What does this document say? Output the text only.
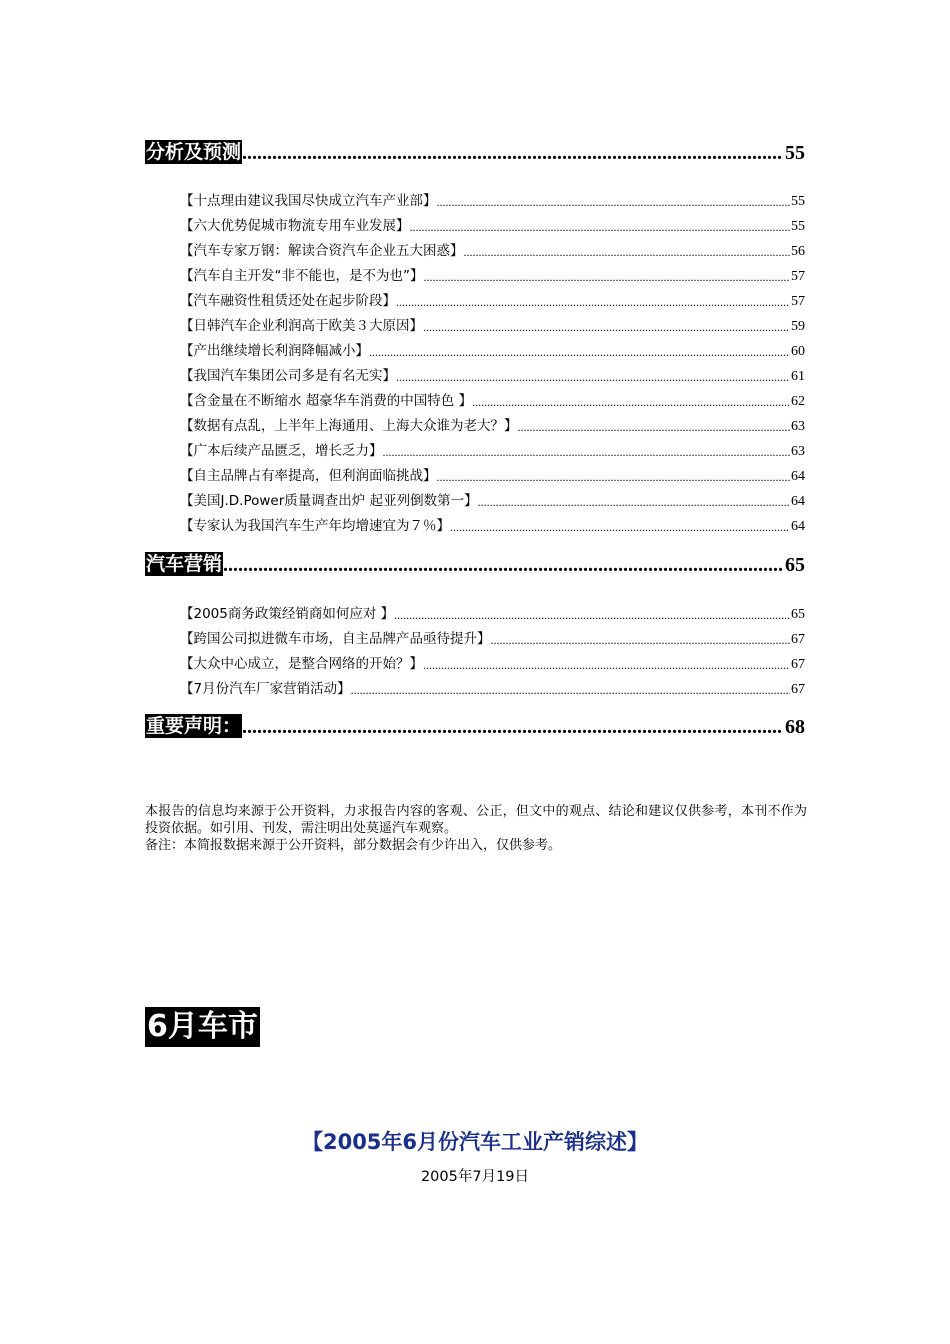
分析及预测 .....	55
【十点理由建议我国尽快成立汽车产业部】 .....	55
【六大优势促城市物流专用车业发展】 .....	55
【汽车专家万钢：解读合资汽车企业五大困惑】 .....	56
【汽车自主开发“非不能也，是不为也”】 .....	57
【汽车融资性租赁还处在起步阶段】 .....	57
【日韩汽车企业利润高于欧美３大原因】 .....	59
【产出继续增长利润降幅减小】 .....	60
【我国汽车集团公司多是有名无实】 .....	61
【含金量在不断缩水 超豪华车消费的中国特色 】 .....	62
【数据有点乱，上半年上海通用、上海大众谁为老大？】 .....	63
【广本后续产品匮乏，增长乏力】 .....	63
【自主品牌占有率提高，但利润面临挑战】 .....	64
【美国J.D.Power质量调查出炉 起亚列倒数第一】 .....	64
【专家认为我国汽车生产年均增速宜为７％】 .....	64
汽车营销 .....	65
【2005商务政策经销商如何应对 】 .....	65
【跨国公司拟进微车市场，自主品牌产品亟待提升】 .....	67
【大众中心成立，是整合网络的开始？】 .....	67
【7月份汽车厂家营销活动】 .....	67
重要声明： .....	68

本报告的信息均来源于公开资料，力求报告内容的客观、公正，但文中的观点、结论和建议仅供参考，本刊不作为投资依据。如引用、刊发，需注明出处莫遥汽车观察。

备注：本简报数据来源于公开资料，部分数据会有少许出入，仅供参考。

6月车市
【2005年6月份汽车工业产销综述】
2005年7月19日
